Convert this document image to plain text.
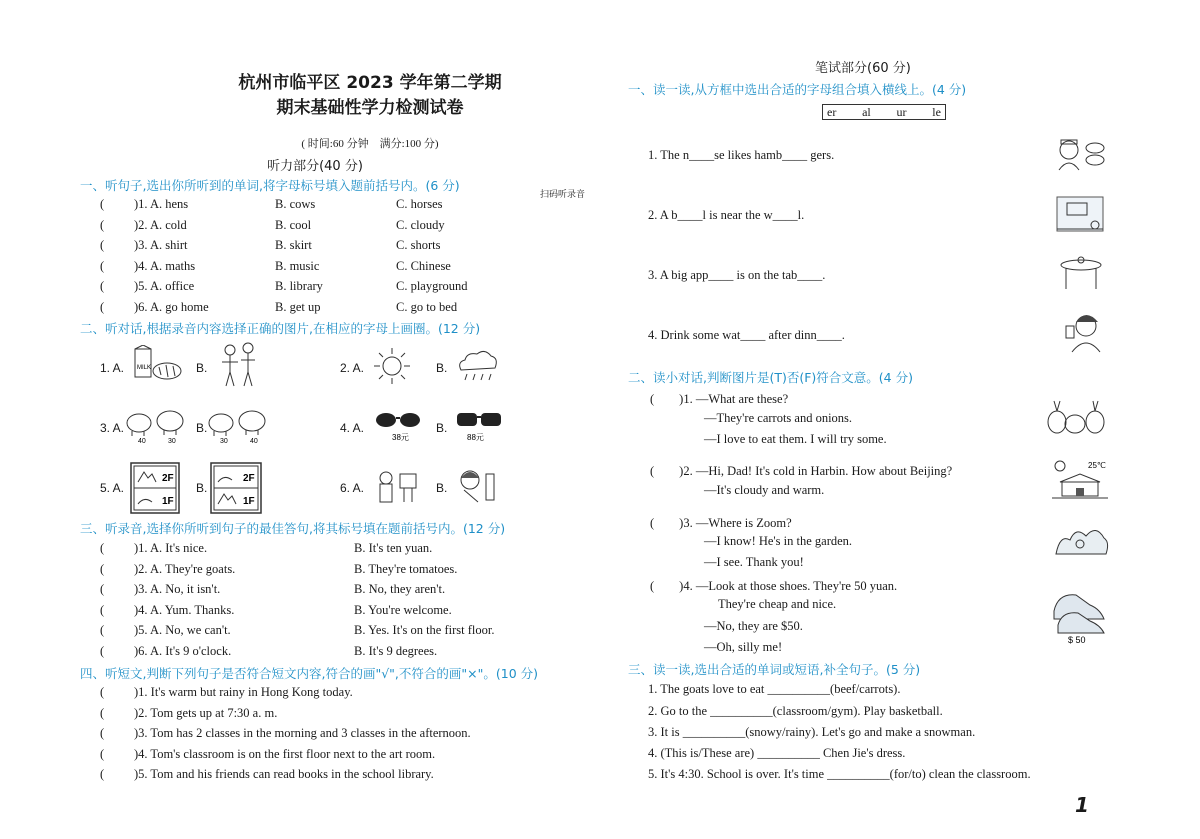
杭州市临平区 2023 学年第二学期
期末基础性学力检测试卷
( 时间:60 分钟　满分:100 分)
听力部分(40 分)
扫码听录音
一、听句子,选出你所听到的单词,将字母标号填入题前括号内。(6 分)
( )1. A. hens	B. cows	C. horses
( )2. A. cold	B. cool	C. cloudy
( )3. A. shirt	B. skirt	C. shorts
( )4. A. maths	B. music	C. Chinese
( )5. A. office	B. library	C. playground
( )6. A. go home	B. get up	C. go to bed
二、听对话,根据录音内容选择正确的图片,在相应的字母上画圈。(12 分)
1. A.	B.	2. A.	B.
3. A.	B.	4. A.	B.
5. A.	B.	6. A.	B.
MILK
40	30	30	40	38元	88元
2F
1F
2F
1F
三、听录音,选择你所听到句子的最佳答句,将其标号填在题前括号内。(12 分)
( )1. A. It's nice.	B. It's ten yuan.
( )2. A. They're goats.	B. They're tomatoes.
( )3. A. No, it isn't.	B. No, they aren't.
( )4. A. Yum. Thanks.	B. You're welcome.
( )5. A. No, we can't.	B. Yes. It's on the first floor.
( )6. A. It's 9 o'clock.	B. It's 9 degrees.
四、听短文,判断下列句子是否符合短文内容,符合的画"√",不符合的画"×"。(10 分)
( )1. It's warm but rainy in Hong Kong today.
( )2. Tom gets up at 7:30 a. m.
( )3. Tom has 2 classes in the morning and 3 classes in the afternoon.
( )4. Tom's classroom is on the first floor next to the art room.
( )5. Tom and his friends can read books in the school library.
笔试部分(60 分)
一、读一读,从方框中选出合适的字母组合填入横线上。(4 分)
er al ur le
1. The n____se likes hamb____ gers.
2. A b____l is near the w____l.
3. A big app____ is on the tab____.
4. Drink some wat____ after dinn____.
二、读小对话,判断图片是(T)否(F)符合文意。(4 分)
(　　)1. —What are these?
—They're carrots and onions.
—I love to eat them. I will try some.
(　　)2. —Hi, Dad! It's cold in Harbin. How about Beijing?
—It's cloudy and warm.
25℃
(　　)3. —Where is Zoom?
—I know! He's in the garden.
—I see. Thank you!
(　　)4. —Look at those shoes. They're 50 yuan.
They're cheap and nice.
—No, they are $50.
—Oh, silly me!	$ 50
三、读一读,选出合适的单词或短语,补全句子。(5 分)
1. The goats love to eat __________(beef/carrots).
2. Go to the __________(classroom/gym). Play basketball.
3. It is __________(snowy/rainy). Let's go and make a snowman.
4. (This is/These are) __________ Chen Jie's dress.
5. It's 4:30. School is over. It's time __________(for/to) clean the classroom.
1
